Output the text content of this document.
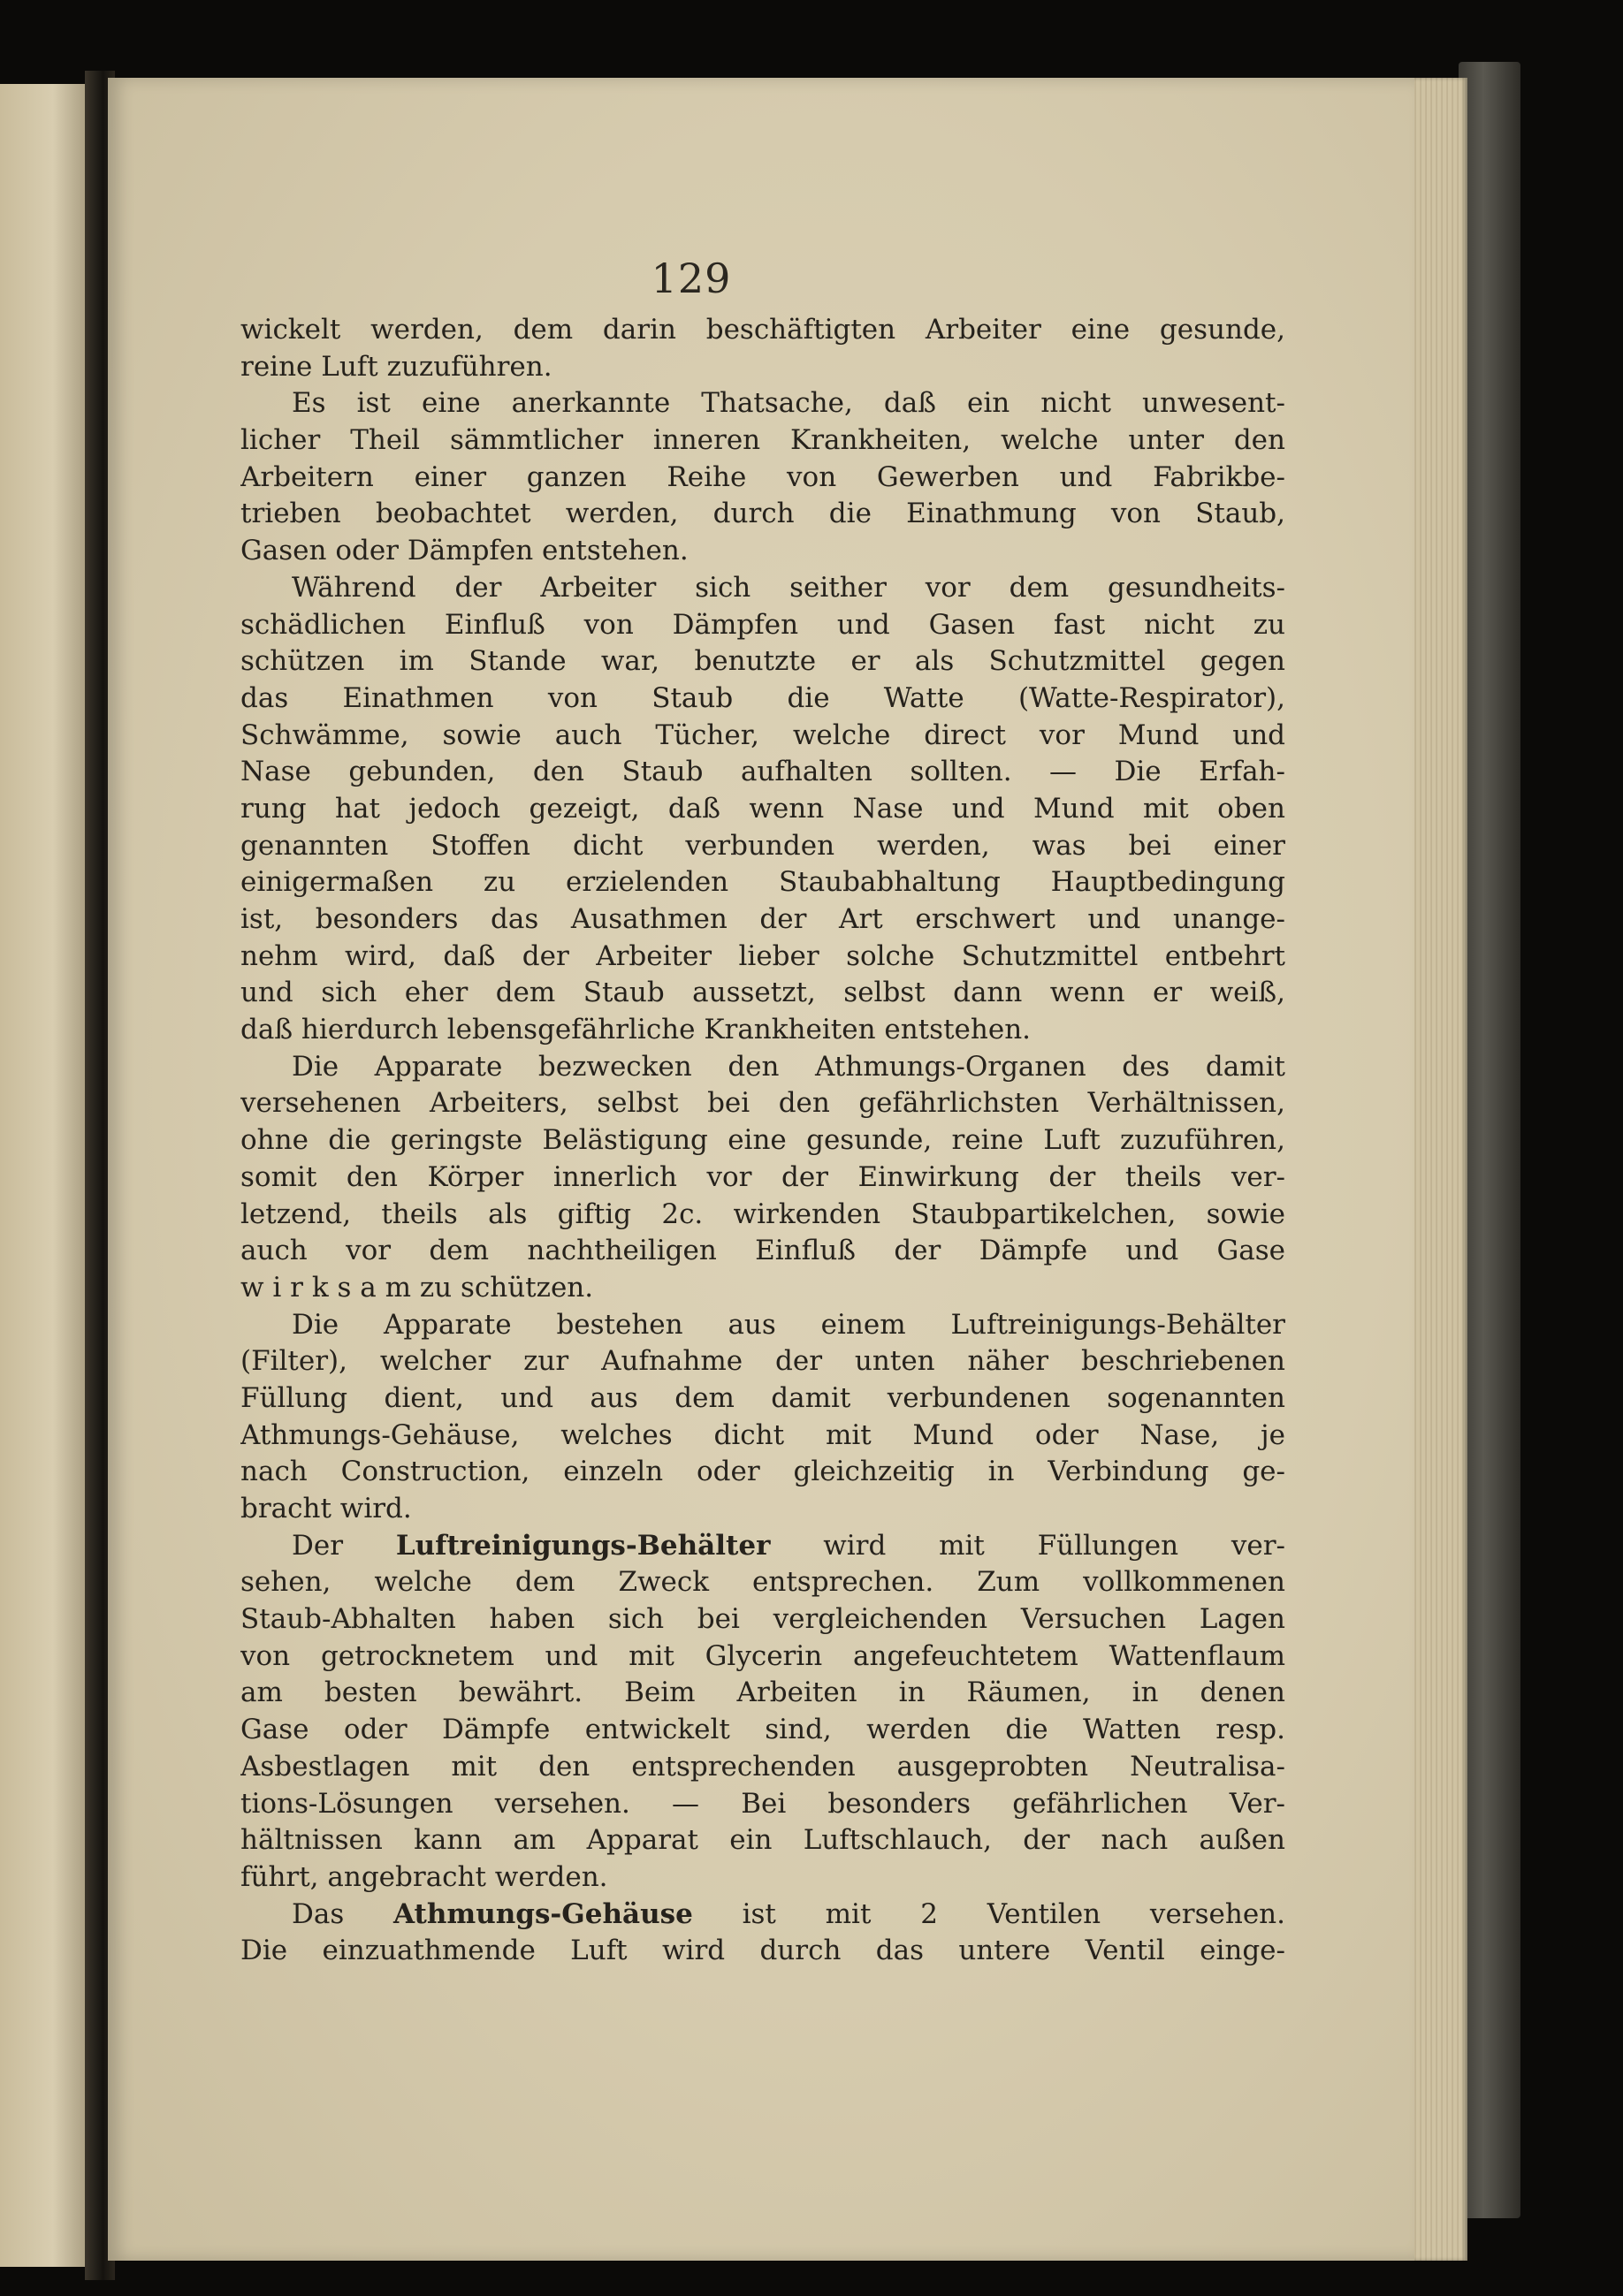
129
wickelt werden, dem darin beschäftigten Arbeiter eine gesunde,
reine Luft zuzuführen.
Es ist eine anerkannte Thatsache, daß ein nicht unwesent-
licher Theil sämmtlicher inneren Krankheiten, welche unter den
Arbeitern einer ganzen Reihe von Gewerben und Fabrikbe-
trieben beobachtet werden, durch die Einathmung von Staub,
Gasen oder Dämpfen entstehen.
Während der Arbeiter sich seither vor dem gesundheits-
schädlichen Einfluß von Dämpfen und Gasen fast nicht zu
schützen im Stande war, benutzte er als Schutzmittel gegen
das Einathmen von Staub die Watte (Watte-Respirator),
Schwämme, sowie auch Tücher, welche direct vor Mund und
Nase gebunden, den Staub aufhalten sollten. — Die Erfah-
rung hat jedoch gezeigt, daß wenn Nase und Mund mit oben
genannten Stoffen dicht verbunden werden, was bei einer
einigermaßen zu erzielenden Staubabhaltung Hauptbedingung
ist, besonders das Ausathmen der Art erschwert und unange-
nehm wird, daß der Arbeiter lieber solche Schutzmittel entbehrt
und sich eher dem Staub aussetzt, selbst dann wenn er weiß,
daß hierdurch lebensgefährliche Krankheiten entstehen.
Die Apparate bezwecken den Athmungs-Organen des damit
versehenen Arbeiters, selbst bei den gefährlichsten Verhältnissen,
ohne die geringste Belästigung eine gesunde, reine Luft zuzuführen,
somit den Körper innerlich vor der Einwirkung der theils ver-
letzend, theils als giftig 2c. wirkenden Staubpartikelchen, sowie
auch vor dem nachtheiligen Einfluß der Dämpfe und Gase
w i r k s a m zu schützen.
Die Apparate bestehen aus einem Luftreinigungs-Behälter
(Filter), welcher zur Aufnahme der unten näher beschriebenen
Füllung dient, und aus dem damit verbundenen sogenannten
Athmungs-Gehäuse, welches dicht mit Mund oder Nase, je
nach Construction, einzeln oder gleichzeitig in Verbindung ge-
bracht wird.
Der Luftreinigungs-Behälter wird mit Füllungen ver-
sehen, welche dem Zweck entsprechen. Zum vollkommenen
Staub-Abhalten haben sich bei vergleichenden Versuchen Lagen
von getrocknetem und mit Glycerin angefeuchtetem Wattenflaum
am besten bewährt. Beim Arbeiten in Räumen, in denen
Gase oder Dämpfe entwickelt sind, werden die Watten resp.
Asbestlagen mit den entsprechenden ausgeprobten Neutralisa-
tions-Lösungen versehen. — Bei besonders gefährlichen Ver-
hältnissen kann am Apparat ein Luftschlauch, der nach außen
führt, angebracht werden.
Das Athmungs-Gehäuse ist mit 2 Ventilen versehen.
Die einzuathmende Luft wird durch das untere Ventil einge-
